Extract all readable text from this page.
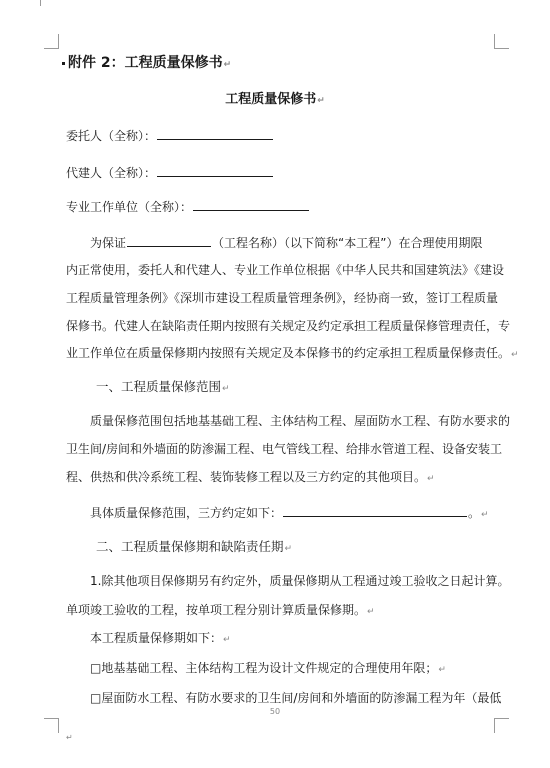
附件 2：工程质量保修书↵
工程质量保修书↵
委托人（全称）：
代建人（全称）：
专业工作单位（全称）：
为保证	（工程名称）（以下简称“本工程”）在合理使用期限
内正常使用，委托人和代建人、专业工作单位根据《中华人民共和国建筑法》《建设
工程质量管理条例》《深圳市建设工程质量管理条例》，经协商一致，签订工程质量
保修书。代建人在缺陷责任期内按照有关规定及约定承担工程质量保修管理责任，专
业工作单位在质量保修期内按照有关规定及本保修书的约定承担工程质量保修责任。↵
一、工程质量保修范围↵
质量保修范围包括地基基础工程、主体结构工程、屋面防水工程、有防水要求的
卫生间/房间和外墙面的防渗漏工程、电气管线工程、给排水管道工程、设备安装工
程、供热和供冷系统工程、装饰装修工程以及三方约定的其他项目。↵
具体质量保修范围，三方约定如下：	。↵
二、工程质量保修期和缺陷责任期↵
1.除其他项目保修期另有约定外，质量保修期从工程通过竣工验收之日起计算。
单项竣工验收的工程，按单项工程分别计算质量保修期。↵
本工程质量保修期如下：↵
□地基基础工程、主体结构工程为设计文件规定的合理使用年限；↵
□屋面防水工程、有防水要求的卫生间/房间和外墙面的防渗漏工程为年（最低
50
↵
